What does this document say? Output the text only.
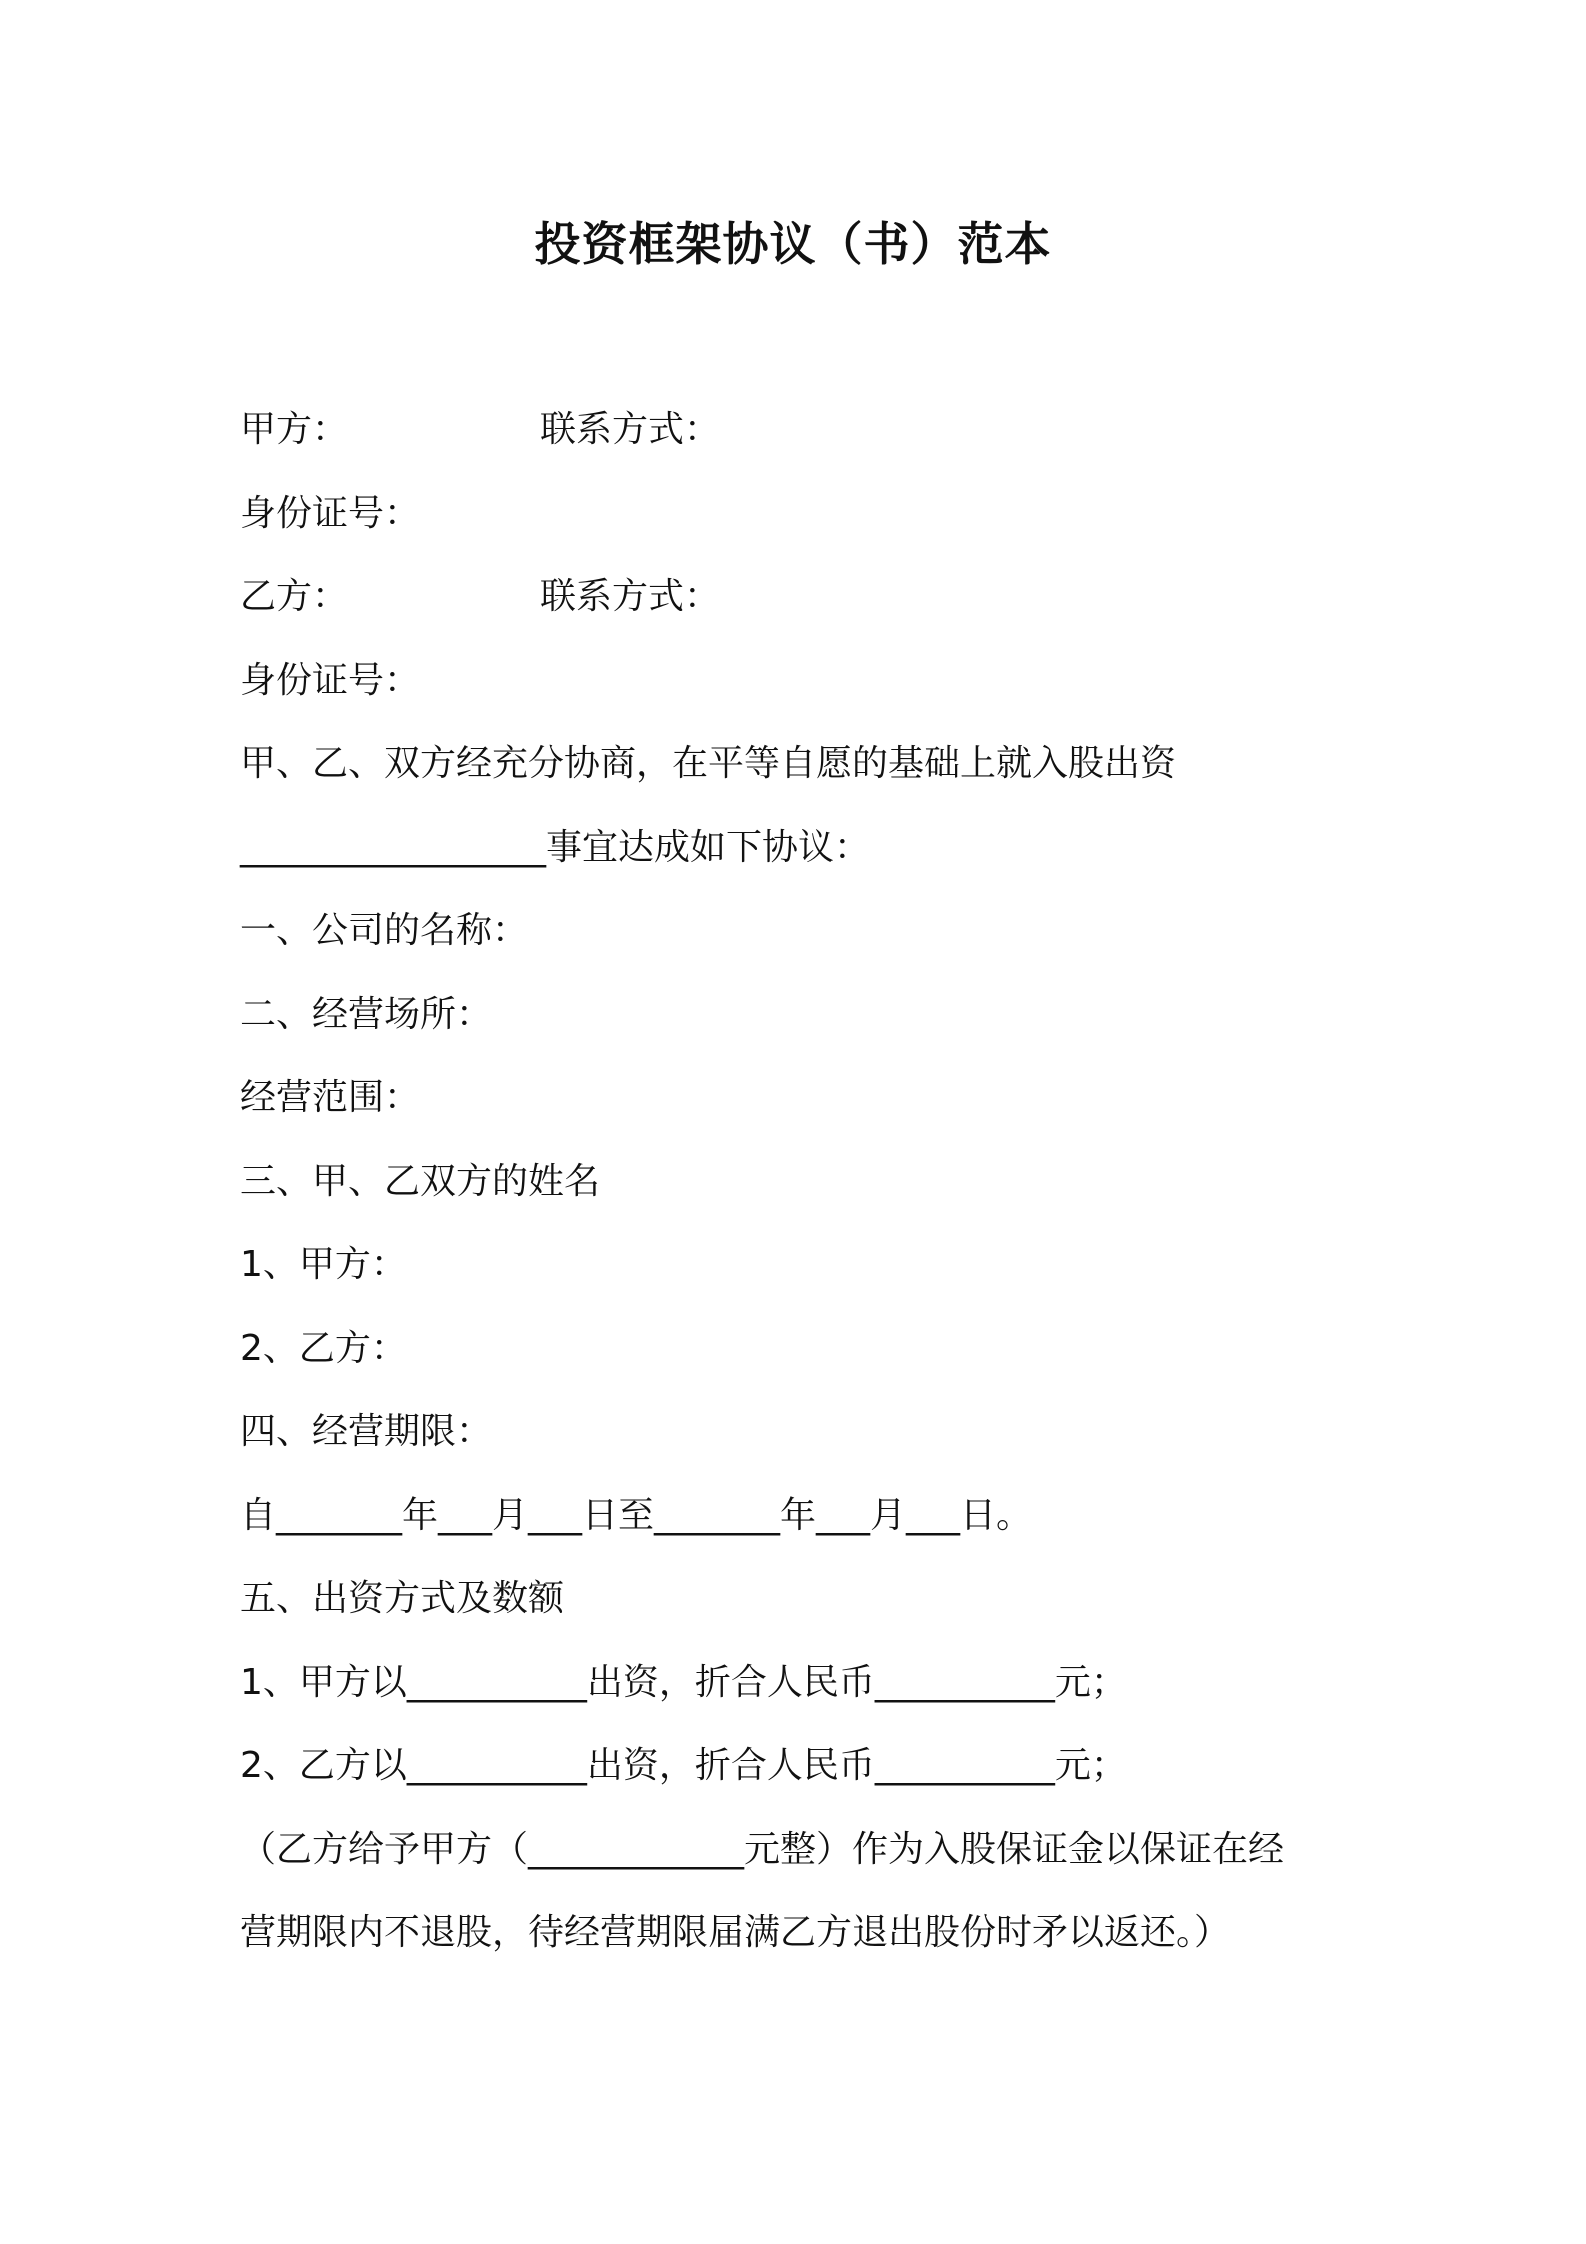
投资框架协议（书）范本
甲方：	联系方式：
身份证号：
乙方：	联系方式：
身份证号：
甲、乙、双方经充分协商，在平等自愿的基础上就入股出资
_________________事宜达成如下协议：
一、公司的名称：
二、经营场所：
经营范围：
三、甲、乙双方的姓名
1、甲方：
2、乙方：
四、经营期限：
自_______年___月___日至_______年___月___日。
五、出资方式及数额
1、甲方以__________出资，折合人民币__________元；
2、乙方以__________出资，折合人民币__________元；
（乙方给予甲方（____________元整）作为入股保证金以保证在经
营期限内不退股，待经营期限届满乙方退出股份时矛以返还。）
